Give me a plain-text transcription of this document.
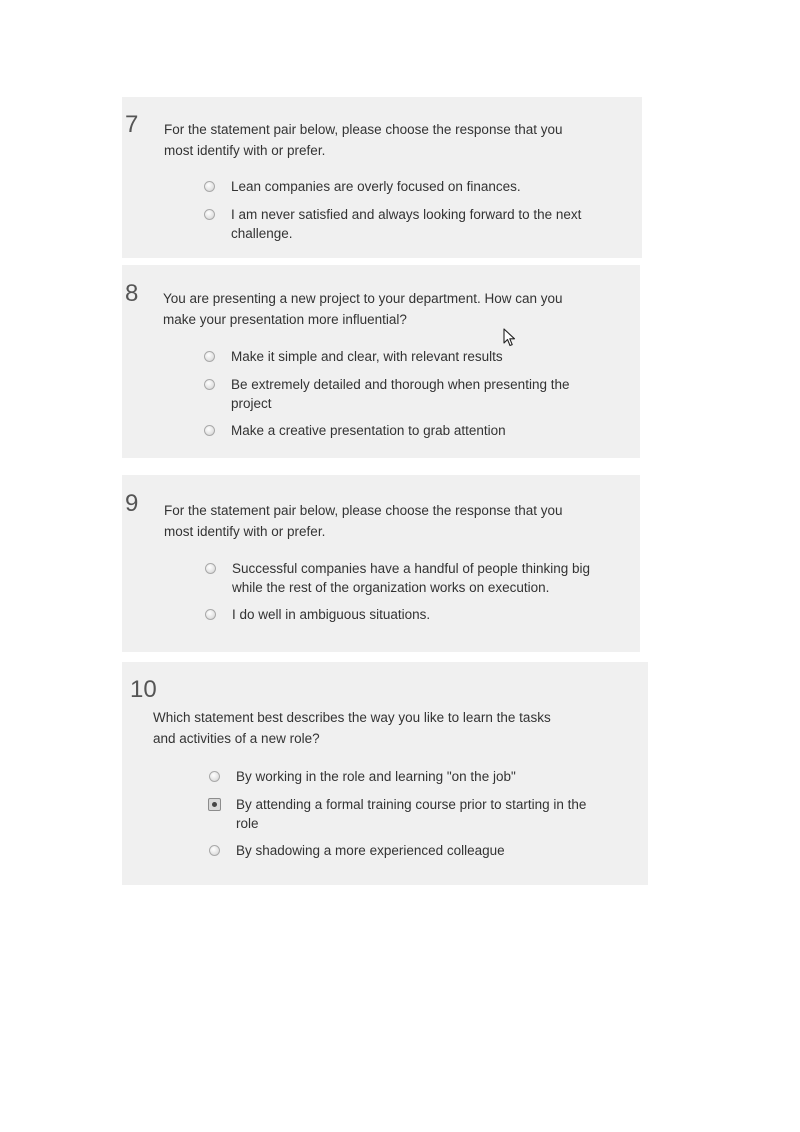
7 For the statement pair below, please choose the response that you
most identify with or prefer.
Lean companies are overly focused on finances.
I am never satisfied and always looking forward to the next
challenge.
8 You are presenting a new project to your department. How can you
make your presentation more influential?
Make it simple and clear, with relevant results
Be extremely detailed and thorough when presenting the
project
Make a creative presentation to grab attention
9 For the statement pair below, please choose the response that you
most identify with or prefer.
Successful companies have a handful of people thinking big
while the rest of the organization works on execution.
I do well in ambiguous situations.
10
Which statement best describes the way you like to learn the tasks
and activities of a new role?
By working in the role and learning "on the job"
By attending a formal training course prior to starting in the
role
By shadowing a more experienced colleague
